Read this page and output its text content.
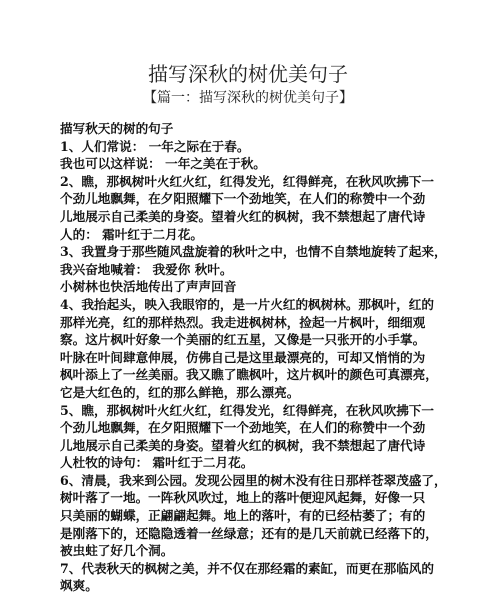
描写深秋的树优美句子
【篇一：描写深秋的树优美句子】
描写秋天的树的句子
1、人们常说： 一年之际在于春。
我也可以这样说： 一年之美在于秋。
2、瞧，那枫树叶火红火红，红得发光，红得鲜亮，在秋风吹拂下一
个劲儿地飘舞，在夕阳照耀下一个劲地笑，在人们的称赞中一个劲
儿地展示自己柔美的身姿。望着火红的枫树，我不禁想起了唐代诗
人的： 霜叶红于二月花。
3、我置身于那些随风盘旋着的秋叶之中，也情不自禁地旋转了起来，
我兴奋地喊着： 我爱你 秋叶。
小树林也快活地传出了声声回音
4、我抬起头，映入我眼帘的，是一片火红的枫树林。那枫叶，红的
那样光亮，红的那样热烈。我走进枫树林，捡起一片枫叶，细细观
察。这片枫叶好象一个美丽的红五星，又像是一只张开的小手掌。
叶脉在叶间肆意伸展，仿佛自己是这里最漂亮的，可却又悄悄的为
枫叶添上了一丝美丽。我又瞧了瞧枫叶，这片枫叶的颜色可真漂亮，
它是大红色的，红的那么鲜艳，那么漂亮。
5、瞧，那枫树叶火红火红，红得发光，红得鲜亮，在秋风吹拂下一
个劲儿地飘舞，在夕阳照耀下一个劲地笑，在人们的称赞中一个劲
儿地展示自己柔美的身姿。望着火红的枫树，我不禁想起了唐代诗
人杜牧的诗句： 霜叶红于二月花。
6、清晨，我来到公园。发现公园里的树木没有往日那样苍翠茂盛了，
树叶落了一地。一阵秋风吹过，地上的落叶便迎风起舞，好像一只
只美丽的蝴蝶，正翩翩起舞。地上的落叶，有的已经枯萎了；有的
是刚落下的，还隐隐透着一丝绿意；还有的是几天前就已经落下的，
被虫蛀了好几个洞。
7、代表秋天的枫树之美，并不仅在那经霜的素缸，而更在那临风的
飒爽。
